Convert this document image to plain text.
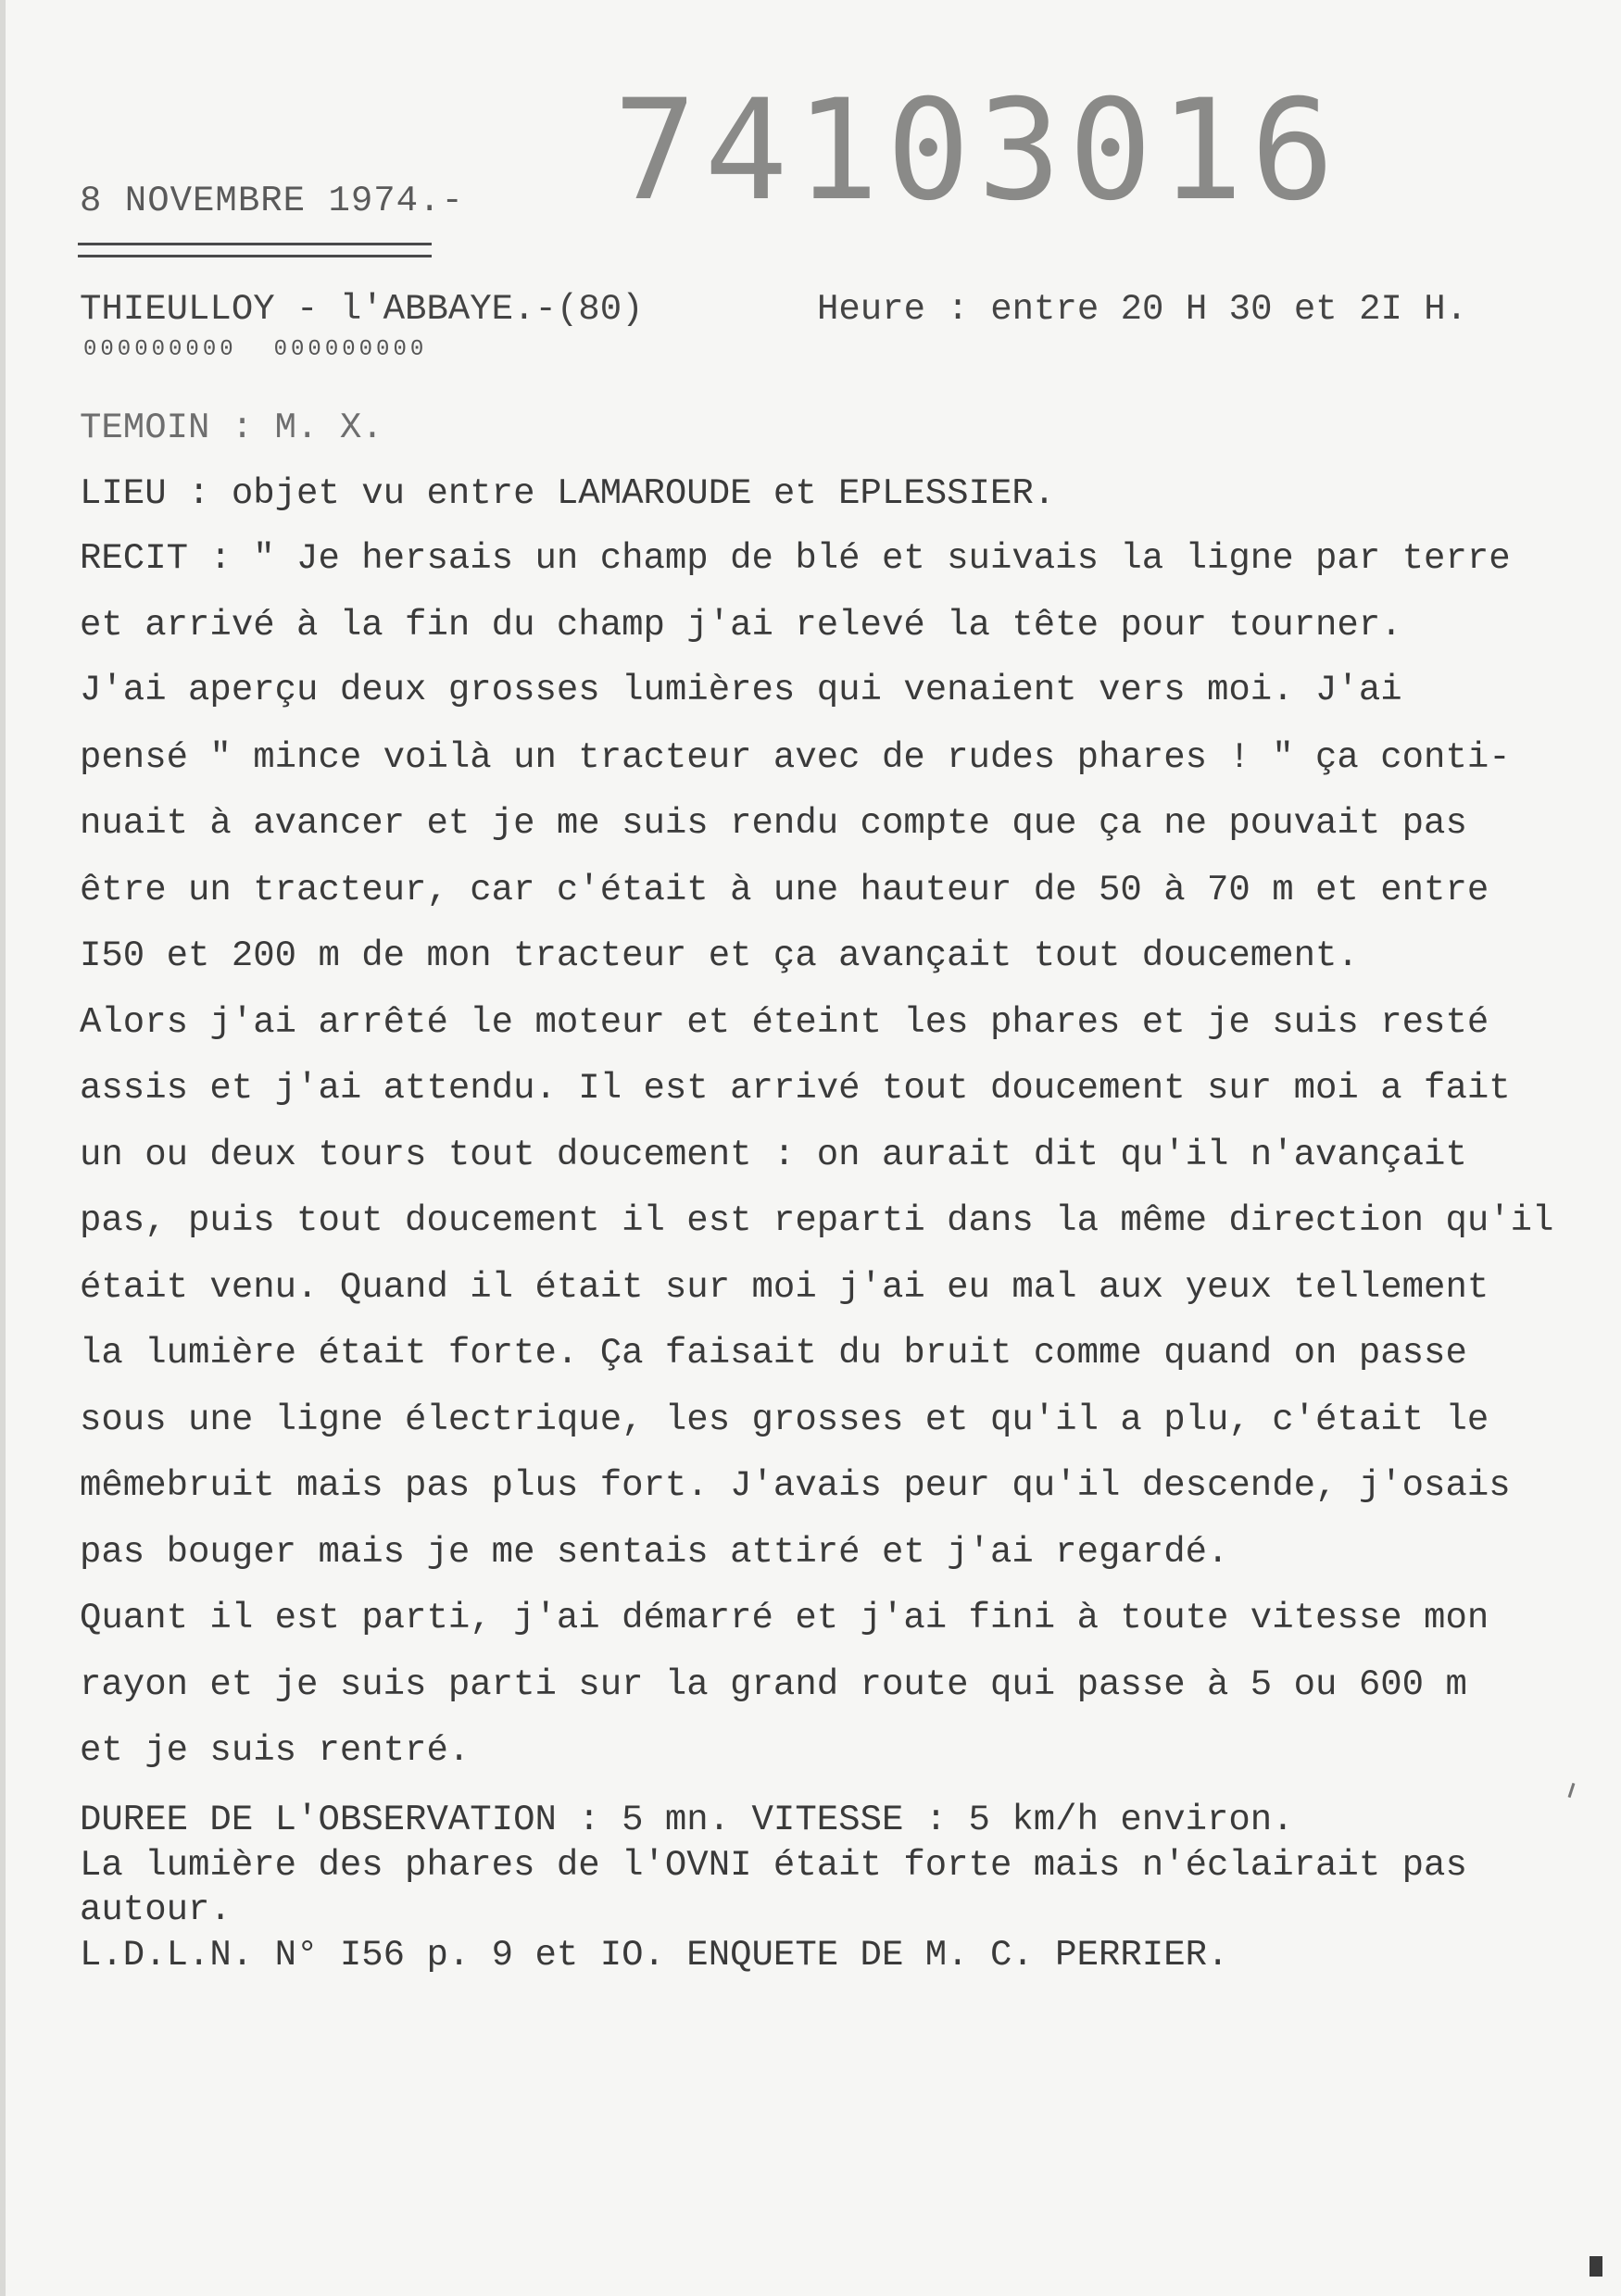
74103016
8 NOVEMBRE 1974.-
THIEULLOY - l'ABBAYE.-(80)
000000000 000000000
Heure : entre 20 H 30 et 2I H.
TEMOIN : M. X.
LIEU : objet vu entre LAMAROUDE et EPLESSIER.
RECIT : " Je hersais un champ de blé et suivais la ligne par terre
et arrivé à la fin du champ j'ai relevé la tête pour tourner.
J'ai aperçu deux grosses lumières qui venaient vers moi. J'ai
pensé " mince voilà un tracteur avec de rudes phares ! " ça conti-
nuait à avancer et je me suis rendu compte que ça ne pouvait pas
être un tracteur, car c'était à une hauteur de 50 à 70 m et entre
I50 et 200 m de mon tracteur et ça avançait tout doucement.
Alors j'ai arrêté le moteur et éteint les phares et je suis resté
assis et j'ai attendu. Il est arrivé tout doucement sur moi a fait
un ou deux tours tout doucement : on aurait dit qu'il n'avançait
pas, puis tout doucement il est reparti dans la même direction qu'il
était venu. Quand il était sur moi j'ai eu mal aux yeux tellement
la lumière était forte. Ça faisait du bruit comme quand on passe
sous une ligne électrique, les grosses et qu'il a plu, c'était le
mêmebruit mais pas plus fort. J'avais peur qu'il descende, j'osais
pas bouger mais je me sentais attiré et j'ai regardé.
Quant il est parti, j'ai démarré et j'ai fini à toute vitesse mon
rayon et je suis parti sur la grand route qui passe à 5 ou 600 m
et je suis rentré.
DUREE DE L'OBSERVATION : 5 mn. VITESSE : 5 km/h environ.
La lumière des phares de l'OVNI était forte mais n'éclairait pas
autour.
L.D.L.N. N° I56 p. 9 et IO. ENQUETE DE M. C. PERRIER.
